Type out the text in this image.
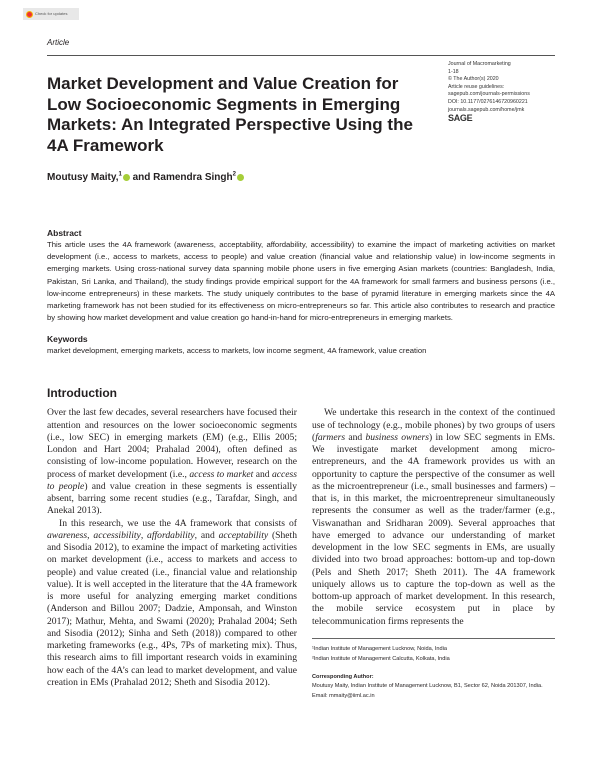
Check for updates
Article
Journal of Macromarketing
1-18
© The Author(s) 2020
Article reuse guidelines:
sagepub.com/journals-permissions
DOI: 10.1177/0276146720960221
journals.sagepub.com/home/jmk
SAGE
Market Development and Value Creation for Low Socioeconomic Segments in Emerging Markets: An Integrated Perspective Using the 4A Framework
Moutusy Maity,$^1$ and Ramendra Singh$^2$
Abstract
This article uses the 4A framework (awareness, acceptability, affordability, accessibility) to examine the impact of marketing activities on market development (i.e., access to markets, access to people) and value creation (financial value and relationship value) in low-income segments in emerging markets. Using cross-national survey data spanning mobile phone users in five emerging Asian markets (countries: Bangladesh, India, Pakistan, Sri Lanka, and Thailand), the study findings provide empirical support for the 4A framework for small farmers and business persons (i.e., low-income entrepreneurs) in these markets. The study uniquely contributes to the base of pyramid literature in emerging markets since the 4A marketing framework has not been studied for its effectiveness on micro-entrepreneurs so far. This article also contributes to research and practice by showing how market development and value creation go hand-in-hand for micro-entrepreneurs in emerging markets.
Keywords
market development, emerging markets, access to markets, low income segment, 4A framework, value creation
Introduction

Over the last few decades, several researchers have focused their attention and resources on the lower socioeconomic segments (i.e., low SEC) in emerging markets (EM) (e.g., Ellis 2005; London and Hart 2004; Prahalad 2004), often defined as consisting of low-income population. However, research on the process of market development (i.e., access to market and access to people) and value creation in these segments is essentially absent, barring some recent studies (e.g., Tarafdar, Singh, and Anekal 2013).

In this research, we use the 4A framework that consists of awareness, accessibility, affordability, and acceptability (Sheth and Sisodia 2012), to examine the impact of marketing activities on market development (i.e., access to markets and access to people) and value created (i.e., financial value and relationship value). It is well accepted in the literature that the 4A framework is more useful for analyzing emerging market conditions (Anderson and Billou 2007; Dadzie, Amponsah, and Winston 2017); Mathur, Mehta, and Swami (2020); Prahalad 2004; Seth and Sisodia (2012); Sinha and Seth (2018)) compared to other marketing frameworks (e.g., 4Ps, 7Ps of marketing mix). Thus, this research aims to fill important research voids in examining how each of the 4A’s can lead to market development, and value creation in EMs (Prahalad 2012; Sheth and Sisodia 2012).

We undertake this research in the context of the continued use of technology (e.g., mobile phones) by two groups of users (farmers and business owners) in low SEC segments in EMs. We investigate market development among micro-entrepreneurs, and the 4A framework provides us with an opportunity to capture the perspective of the consumer as well as the microentrepreneur (i.e., small businesses and farmers) – that is, in this market, the microentrepreneur simultaneously represents the consumer as well as the trader/farmer (e.g., Viswanathan and Sridharan 2009). Several approaches that have emerged to advance our understanding of market development in the low SEC segments in EMs, are usually divided into two broad approaches: bottom-up and top-down (Pels and Sheth 2017; Sheth 2011). The 4A framework uniquely allows us to capture the top-down as well as the bottom-up approach of market development. In this research, the mobile service ecosystem put in place by telecommunication firms represents the

¹Indian Institute of Management Lucknow, Noida, India
²Indian Institute of Management Calcutta, Kolkata, India
Corresponding Author:
Moutusy Maity, Indian Institute of Management Lucknow, B1, Sector 62, Noida 201307, India.
Email: mmaity@iiml.ac.in
